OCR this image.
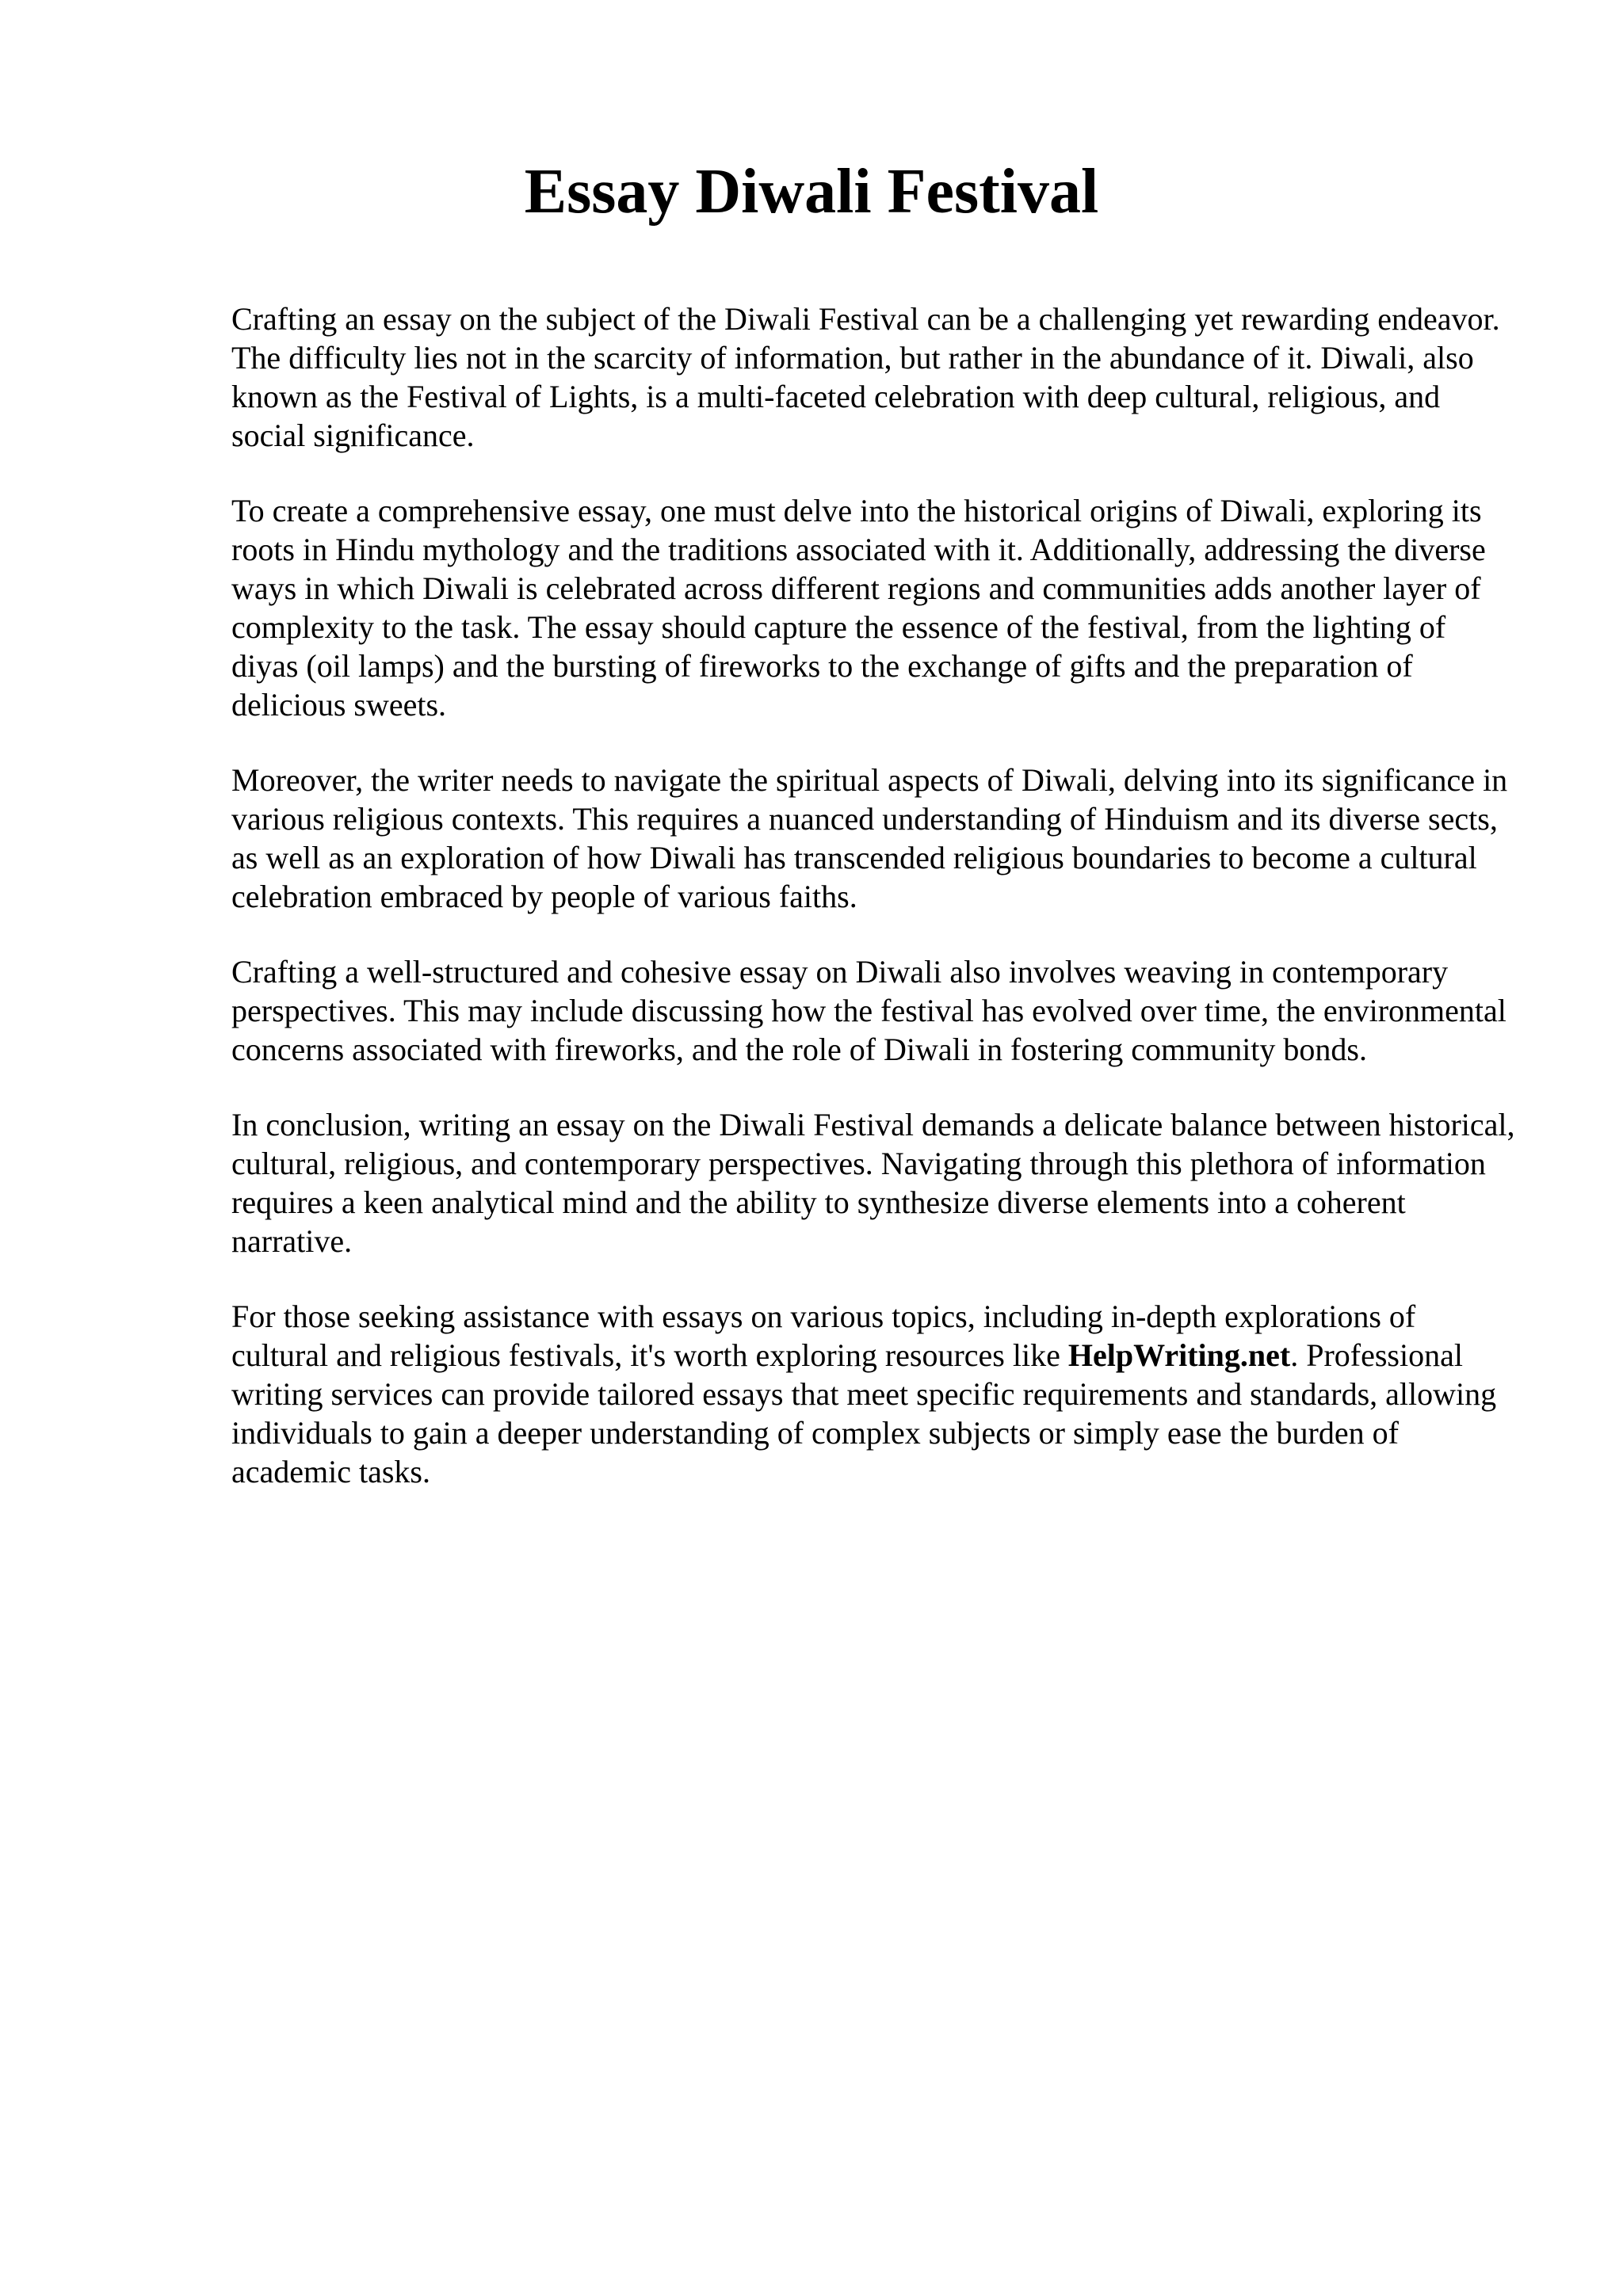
Essay Diwali Festival

Crafting an essay on the subject of the Diwali Festival can be a challenging yet rewarding endeavor. The difficulty lies not in the scarcity of information, but rather in the abundance of it. Diwali, also known as the Festival of Lights, is a multi-faceted celebration with deep cultural, religious, and social significance.

To create a comprehensive essay, one must delve into the historical origins of Diwali, exploring its roots in Hindu mythology and the traditions associated with it. Additionally, addressing the diverse ways in which Diwali is celebrated across different regions and communities adds another layer of complexity to the task. The essay should capture the essence of the festival, from the lighting of diyas (oil lamps) and the bursting of fireworks to the exchange of gifts and the preparation of delicious sweets.

Moreover, the writer needs to navigate the spiritual aspects of Diwali, delving into its significance in various religious contexts. This requires a nuanced understanding of Hinduism and its diverse sects, as well as an exploration of how Diwali has transcended religious boundaries to become a cultural celebration embraced by people of various faiths.

Crafting a well-structured and cohesive essay on Diwali also involves weaving in contemporary perspectives. This may include discussing how the festival has evolved over time, the environmental concerns associated with fireworks, and the role of Diwali in fostering community bonds.

In conclusion, writing an essay on the Diwali Festival demands a delicate balance between historical, cultural, religious, and contemporary perspectives. Navigating through this plethora of information requires a keen analytical mind and the ability to synthesize diverse elements into a coherent narrative.

For those seeking assistance with essays on various topics, including in-depth explorations of cultural and religious festivals, it's worth exploring resources like HelpWriting.net. Professional writing services can provide tailored essays that meet specific requirements and standards, allowing individuals to gain a deeper understanding of complex subjects or simply ease the burden of academic tasks.
